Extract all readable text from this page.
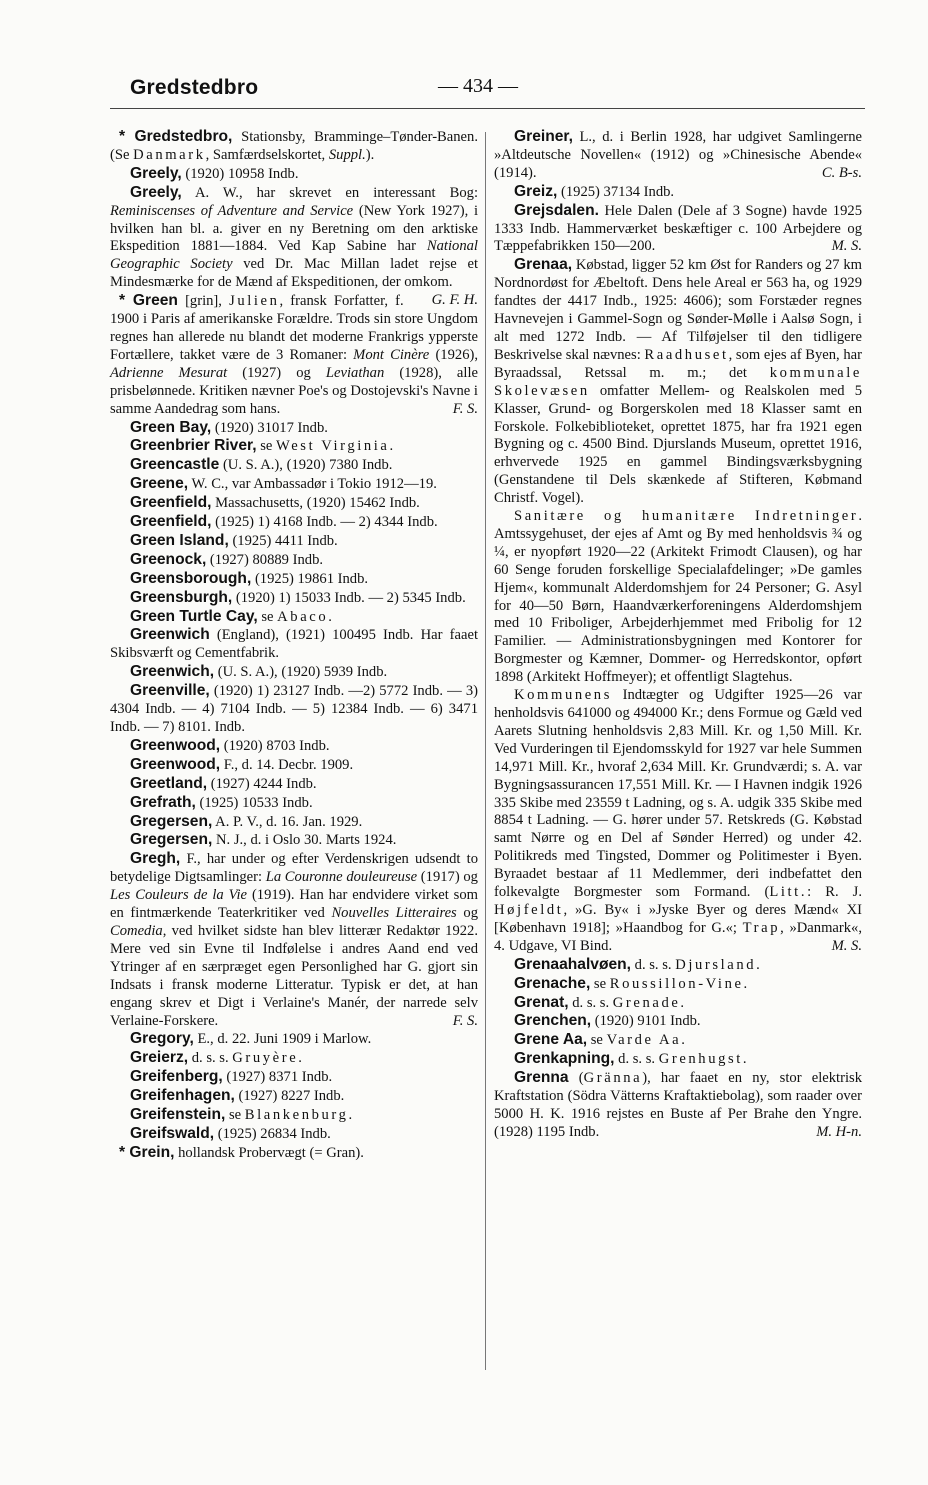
Gredstedbro	— 434 —

* Gredstedbro, Stationsby, Bramminge–Tønder-Banen. (Se Danmark, Samfærdselskortet, Suppl.).

Greely, (1920) 10958 Indb.

Greely, A. W., har skrevet en interessant Bog: Reminiscenses of Adventure and Service (New York 1927), i hvilken han bl. a. giver en ny Beretning om den arktiske Ekspedition 1881—1884. Ved Kap Sabine har National Geographic Society ved Dr. Mac Millan ladet rejse et Mindesmærke for de Mænd af Ekspeditionen, der omkom.
G. F. H.

* Green [grin], Julien, fransk Forfatter, f. 1900 i Paris af amerikanske Forældre. Trods sin store Ungdom regnes han allerede nu blandt det moderne Frankrigs ypperste Fortællere, takket være de 3 Romaner: Mont Cinère (1926), Adrienne Mesurat (1927) og Leviathan (1928), alle prisbelønnede. Kritiken nævner Poe's og Dostojevski's Navne i samme Aandedrag som hans.	F. S.

Green Bay, (1920) 31017 Indb.

Greenbrier River, se West Virginia.

Greencastle (U. S. A.), (1920) 7380 Indb.

Greene, W. C., var Ambassadør i Tokio 1912—19.

Greenfield, Massachusetts, (1920) 15462 Indb.

Greenfield, (1925) 1) 4168 Indb. — 2) 4344 Indb.

Green Island, (1925) 4411 Indb.

Greenock, (1927) 80889 Indb.

Greensborough, (1925) 19861 Indb.

Greensburgh, (1920) 1) 15033 Indb. — 2) 5345 Indb.

Green Turtle Cay, se Abaco.

Greenwich (England), (1921) 100495 Indb. Har faaet Skibsværft og Cementfabrik.

Greenwich, (U. S. A.), (1920) 5939 Indb.

Greenville, (1920) 1) 23127 Indb. —2) 5772 Indb. — 3) 4304 Indb. — 4) 7104 Indb. — 5) 12384 Indb. — 6) 3471 Indb. — 7) 8101. Indb.

Greenwood, (1920) 8703 Indb.

Greenwood, F., d. 14. Decbr. 1909.

Greetland, (1927) 4244 Indb.

Grefrath, (1925) 10533 Indb.

Gregersen, A. P. V., d. 16. Jan. 1929.

Gregersen, N. J., d. i Oslo 30. Marts 1924.

Gregh, F., har under og efter Verdenskrigen udsendt to betydelige Digtsamlinger: La Couronne douleureuse (1917) og Les Couleurs de la Vie (1919). Han har endvidere virket som en fintmærkende Teaterkritiker ved Nouvelles Litteraires og Comedia, ved hvilket sidste han blev litterær Redaktør 1922. Mere ved sin Evne til Indfølelse i andres Aand end ved Ytringer af en særpræget egen Personlighed har G. gjort sin Indsats i fransk moderne Litteratur. Typisk er det, at han engang skrev et Digt i Verlaine's Manér, der narrede selv Verlaine-Forskere.	F. S.

Gregory, E., d. 22. Juni 1909 i Marlow.

Greierz, d. s. s. Gruyère.

Greifenberg, (1927) 8371 Indb.

Greifenhagen, (1927) 8227 Indb.

Greifenstein, se Blankenburg.

Greifswald, (1925) 26834 Indb.

* Grein, hollandsk Probervægt (= Gran).

Greiner, L., d. i Berlin 1928, har udgivet Samlingerne »Altdeutsche Novellen« (1912) og »Chinesische Abende« (1914).	C. B-s.

Greiz, (1925) 37134 Indb.

Grejsdalen. Hele Dalen (Dele af 3 Sogne) havde 1925 1333 Indb. Hammerværket beskæftiger c. 100 Arbejdere og Tæppefabrikken 150—200.	M. S.

Grenaa, Købstad, ligger 52 km Øst for Randers og 27 km Nordnordøst for Æbeltoft. Dens hele Areal er 563 ha, og 1929 fandtes der 4417 Indb., 1925: 4606); som Forstæder regnes Havnevejen i Gammel-Sogn og Sønder-Mølle i Aalsø Sogn, i alt med 1272 Indb. — Af Tilføjelser til den tidligere Beskrivelse skal nævnes: Raadhuset, som ejes af Byen, har Byraadssal, Retssal m. m.; det kommunale Skolevæsen omfatter Mellem- og Realskolen med 5 Klasser, Grund- og Borgerskolen med 18 Klasser samt en Forskole. Folkebiblioteket, oprettet 1875, har fra 1921 egen Bygning og c. 4500 Bind. Djurslands Museum, oprettet 1916, erhvervede 1925 en gammel Bindingsværksbygning (Genstandene til Dels skænkede af Stifteren, Købmand Christf. Vogel).

Sanitære og humanitære Indretninger. Amtssygehuset, der ejes af Amt og By med henholdsvis ¾ og ¼, er nyopført 1920—22 (Arkitekt Frimodt Clausen), og har 60 Senge foruden forskellige Specialafdelinger; »De gamles Hjem«, kommunalt Alderdomshjem for 24 Personer; G. Asyl for 40—50 Børn, Haandværkerforeningens Alderdomshjem med 10 Friboliger, Arbejderhjemmet med Fribolig for 12 Familier. — Administrationsbygningen med Kontorer for Borgmester og Kæmner, Dommer- og Herredskontor, opført 1898 (Arkitekt Hoffmeyer); et offentligt Slagtehus.

Kommunens Indtægter og Udgifter 1925—26 var henholdsvis 641000 og 494000 Kr.; dens Formue og Gæld ved Aarets Slutning henholdsvis 2,83 Mill. Kr. og 1,50 Mill. Kr. Ved Vurderingen til Ejendomsskyld for 1927 var hele Summen 14,971 Mill. Kr., hvoraf 2,634 Mill. Kr. Grundværdi; s. A. var Bygningsassurancen 17,551 Mill. Kr. — I Havnen indgik 1926 335 Skibe med 23559 t Ladning, og s. A. udgik 335 Skibe med 8854 t Ladning. — G. hører under 57. Retskreds (G. Købstad samt Nørre og en Del af Sønder Herred) og under 42. Politikreds med Tingsted, Dommer og Politimester i Byen. Byraadet bestaar af 11 Medlemmer, deri indbefattet den folkevalgte Borgmester som Formand. (Litt.: R. J. Højfeldt, »G. By« i »Jyske Byer og deres Mænd« XI [København 1918]; »Haandbog for G.«; Trap, »Danmark«, 4. Udgave, VI Bind.	M. S.

Grenaahalvøen, d. s. s. Djursland.

Grenache, se Roussillon-Vine.

Grenat, d. s. s. Grenade.

Grenchen, (1920) 9101 Indb.

Grene Aa, se Varde Aa.

Grenkapning, d. s. s. Grenhugst.

Grenna (Gränna), har faaet en ny, stor elektrisk Kraftstation (Södra Vätterns Kraftaktiebolag), som raader over 5000 H. K. 1916 rejstes en Buste af Per Brahe den Yngre. (1928) 1195 Indb.	M. H-n.
